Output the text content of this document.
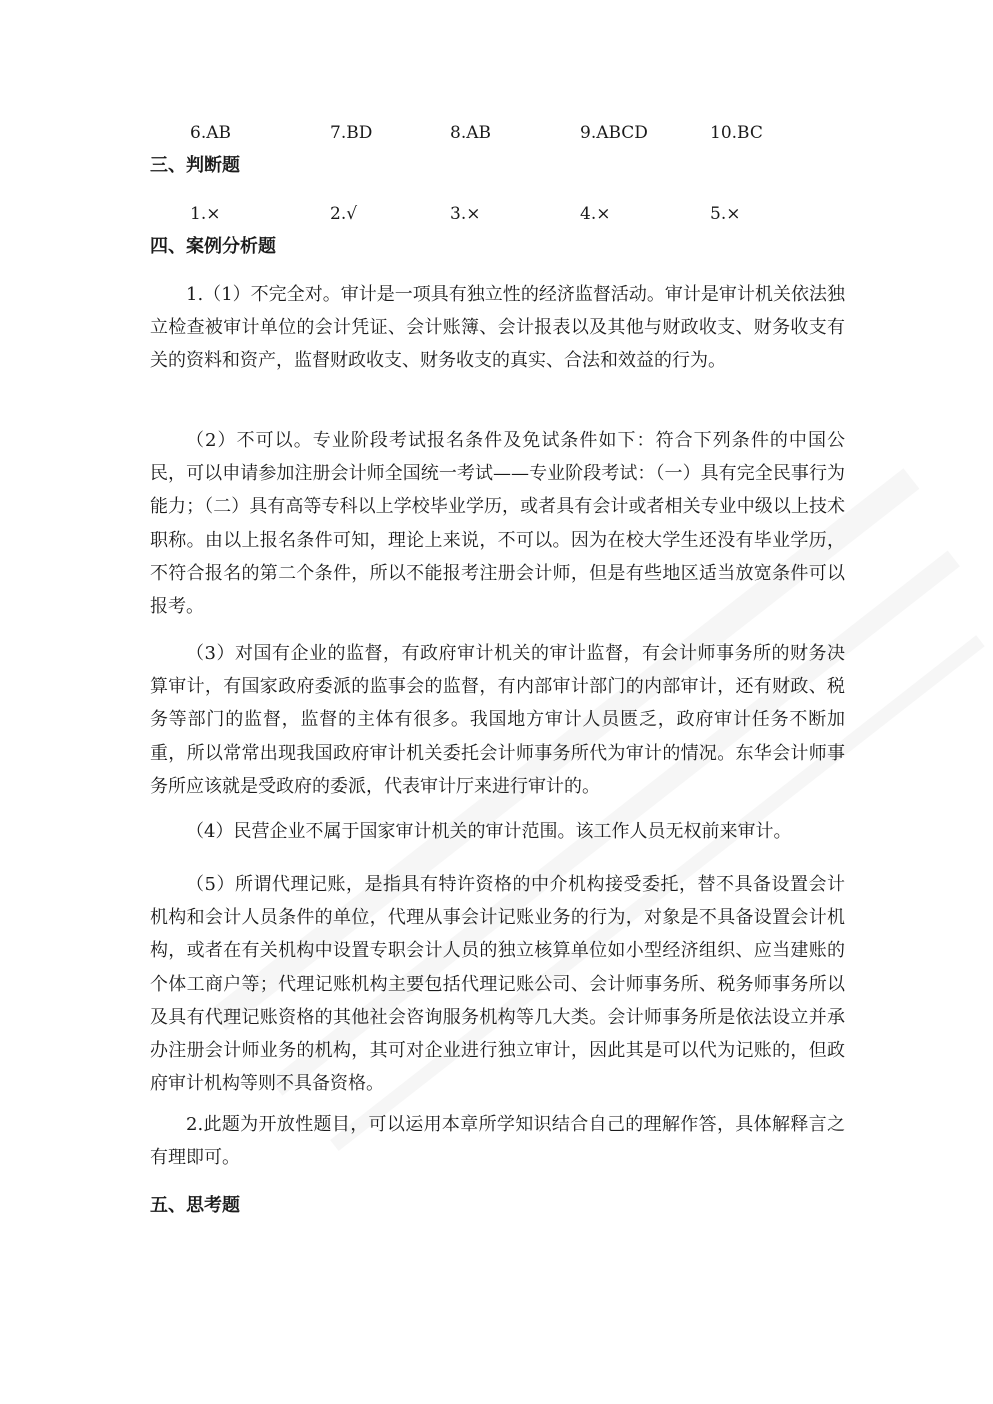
6.AB	7.BD	8.AB	9.ABCD	10.BC
三、判断题
1.×	2.√	3.×	4.×	5.×
四、案例分析题

1.（1）不完全对。审计是一项具有独立性的经济监督活动。审计是审计机关依法独立检查被审计单位的会计凭证、会计账簿、会计报表以及其他与财政收支、财务收支有关的资料和资产，监督财政收支、财务收支的真实、合法和效益的行为。

（2）不可以。专业阶段考试报名条件及免试条件如下：符合下列条件的中国公民，可以申请参加注册会计师全国统一考试——专业阶段考试：（一）具有完全民事行为能力；（二）具有高等专科以上学校毕业学历，或者具有会计或者相关专业中级以上技术职称。由以上报名条件可知，理论上来说，不可以。因为在校大学生还没有毕业学历，不符合报名的第二个条件，所以不能报考注册会计师，但是有些地区适当放宽条件可以报考。

（3）对国有企业的监督，有政府审计机关的审计监督，有会计师事务所的财务决算审计，有国家政府委派的监事会的监督，有内部审计部门的内部审计，还有财政、税务等部门的监督，监督的主体有很多。我国地方审计人员匮乏，政府审计任务不断加重，所以常常出现我国政府审计机关委托会计师事务所代为审计的情况。东华会计师事务所应该就是受政府的委派，代表审计厅来进行审计的。

（4）民营企业不属于国家审计机关的审计范围。该工作人员无权前来审计。

（5）所谓代理记账，是指具有特许资格的中介机构接受委托，替不具备设置会计机构和会计人员条件的单位，代理从事会计记账业务的行为，对象是不具备设置会计机构，或者在有关机构中设置专职会计人员的独立核算单位如小型经济组织、应当建账的个体工商户等；代理记账机构主要包括代理记账公司、会计师事务所、税务师事务所以及具有代理记账资格的其他社会咨询服务机构等几大类。会计师事务所是依法设立并承办注册会计师业务的机构，其可对企业进行独立审计，因此其是可以代为记账的，但政府审计机构等则不具备资格。

2.此题为开放性题目，可以运用本章所学知识结合自己的理解作答，具体解释言之有理即可。

五、思考题
